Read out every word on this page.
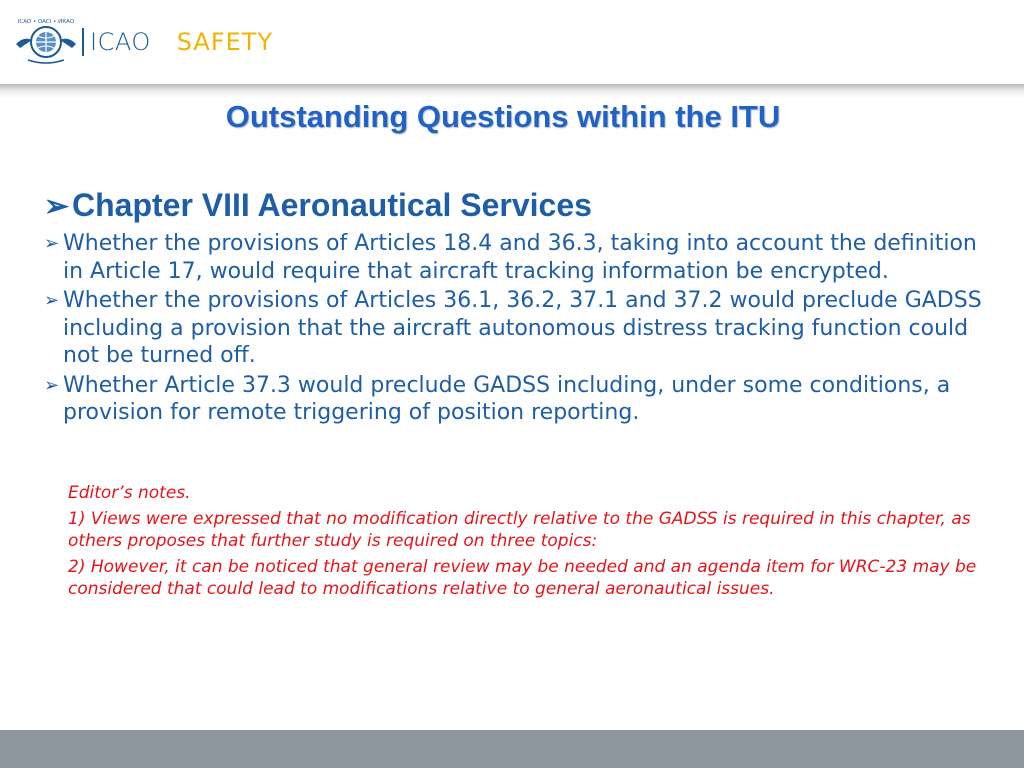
ICAO • OACI • ИКАО
ICAO SAFETY
Outstanding Questions within the ITU
➢ Chapter VIII Aeronautical Services
➢ Whether the provisions of Articles 18.4 and 36.3, taking into account the definition in Article 17, would require that aircraft tracking information be encrypted.
➢ Whether the provisions of Articles 36.1, 36.2, 37.1 and 37.2 would preclude GADSS including a provision that the aircraft autonomous distress tracking function could not be turned off.
➢ Whether Article 37.3 would preclude GADSS including, under some conditions, a provision for remote triggering of position reporting.

Editor’s notes.

1) Views were expressed that no modification directly relative to the GADSS is required in this chapter, as others proposes that further study is required on three topics:

2) However, it can be noticed that general review may be needed and an agenda item for WRC-23 may be considered that could lead to modifications relative to general aeronautical issues.
